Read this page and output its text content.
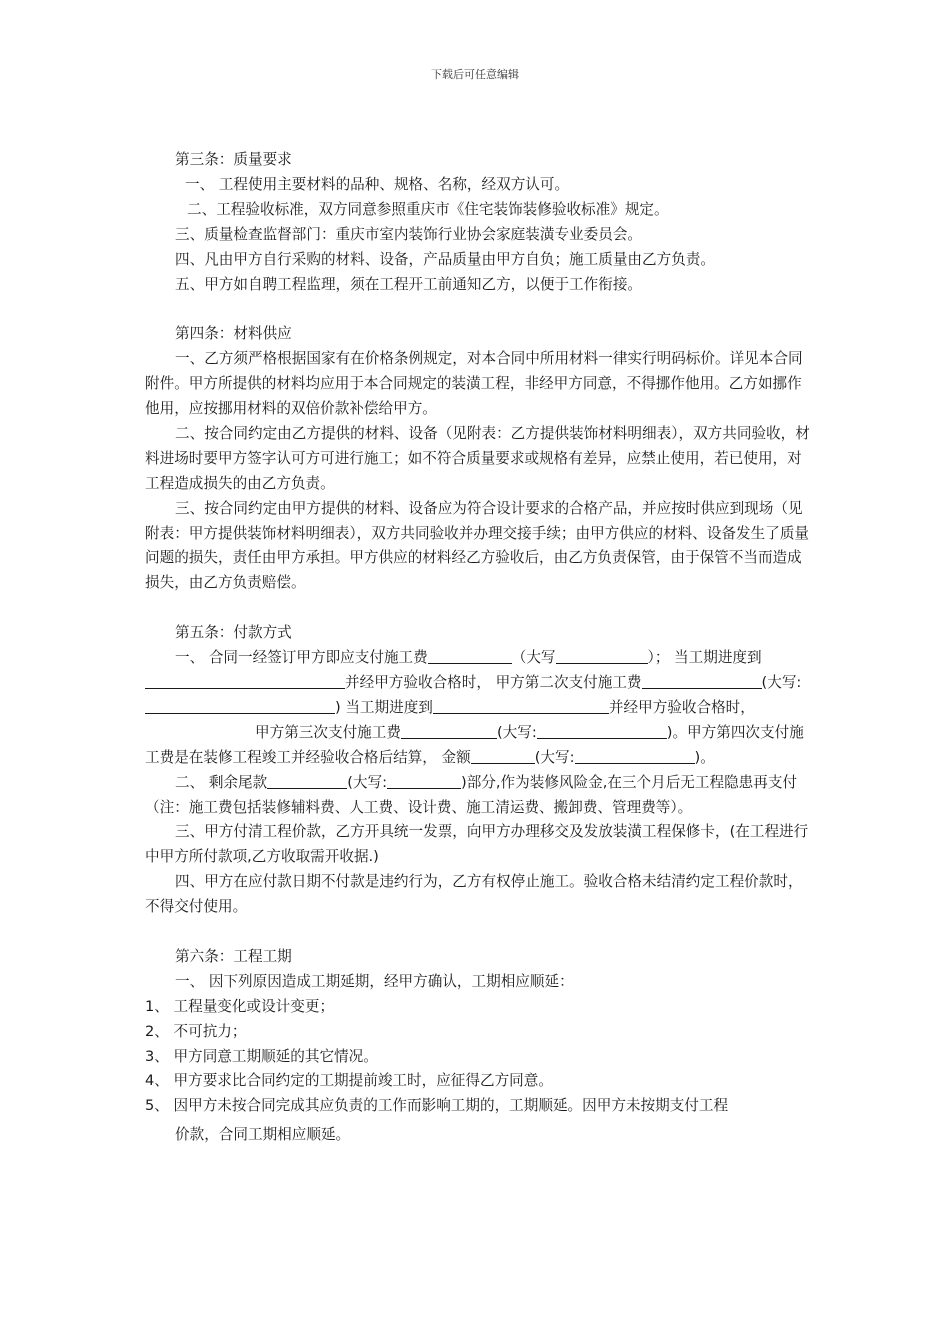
下载后可任意编辑

第三条：质量要求

一、 工程使用主要材料的品种、规格、名称，经双方认可。

二、工程验收标准，双方同意参照重庆市《住宅装饰装修验收标准》规定。

三、质量检查监督部门：重庆市室内装饰行业协会家庭装潢专业委员会。

四、凡由甲方自行采购的材料、设备，产品质量由甲方自负；施工质量由乙方负责。

五、甲方如自聘工程监理，须在工程开工前通知乙方，以便于工作衔接。

第四条：材料供应

一、乙方须严格根据国家有在价格条例规定，对本合同中所用材料一律实行明码标价。详见本合同附件。甲方所提供的材料均应用于本合同规定的装潢工程，非经甲方同意，不得挪作他用。乙方如挪作他用，应按挪用材料的双倍价款补偿给甲方。

二、按合同约定由乙方提供的材料、设备（见附表：乙方提供装饰材料明细表），双方共同验收，材料进场时要甲方签字认可方可进行施工；如不符合质量要求或规格有差异，应禁止使用，若已使用，对工程造成损失的由乙方负责。

三、按合同约定由甲方提供的材料、设备应为符合设计要求的合格产品，并应按时供应到现场（见附表：甲方提供装饰材料明细表），双方共同验收并办理交接手续；由甲方供应的材料、设备发生了质量问题的损失，责任由甲方承担。甲方供应的材料经乙方验收后，由乙方负责保管，由于保管不当而造成损失，由乙方负责赔偿。

第五条：付款方式

一、 合同一经签订甲方即应支付施工费	（大写	）； 当工期进度到并经甲方验收合格时， 甲方第二次支付施工费	(大写:) 当工期进度到	并经甲方验收合格时，甲方第三次支付施工费	(大写:	)。甲方第四次支付施工费是在装修工程竣工并经验收合格后结算， 金额	(大写:	)。

二、 剩余尾款	(大写:	)部分,作为装修风险金,在三个月后无工程隐患再支付（注：施工费包括装修辅料费、人工费、设计费、施工清运费、搬卸费、管理费等）。

三、甲方付清工程价款，乙方开具统一发票，向甲方办理移交及发放装潢工程保修卡，(在工程进行中甲方所付款项,乙方收取需开收据.)

四、甲方在应付款日期不付款是违约行为，乙方有权停止施工。验收合格未结清约定工程价款时，不得交付使用。

第六条：工程工期

一、 因下列原因造成工期延期，经甲方确认，工期相应顺延：

1、 工程量变化或设计变更；

2、 不可抗力；

3、 甲方同意工期顺延的其它情况。

4、 甲方要求比合同约定的工期提前竣工时，应征得乙方同意。

5、 因甲方未按合同完成其应负责的工作而影响工期的，工期顺延。因甲方未按期支付工程

价款，合同工期相应顺延。
